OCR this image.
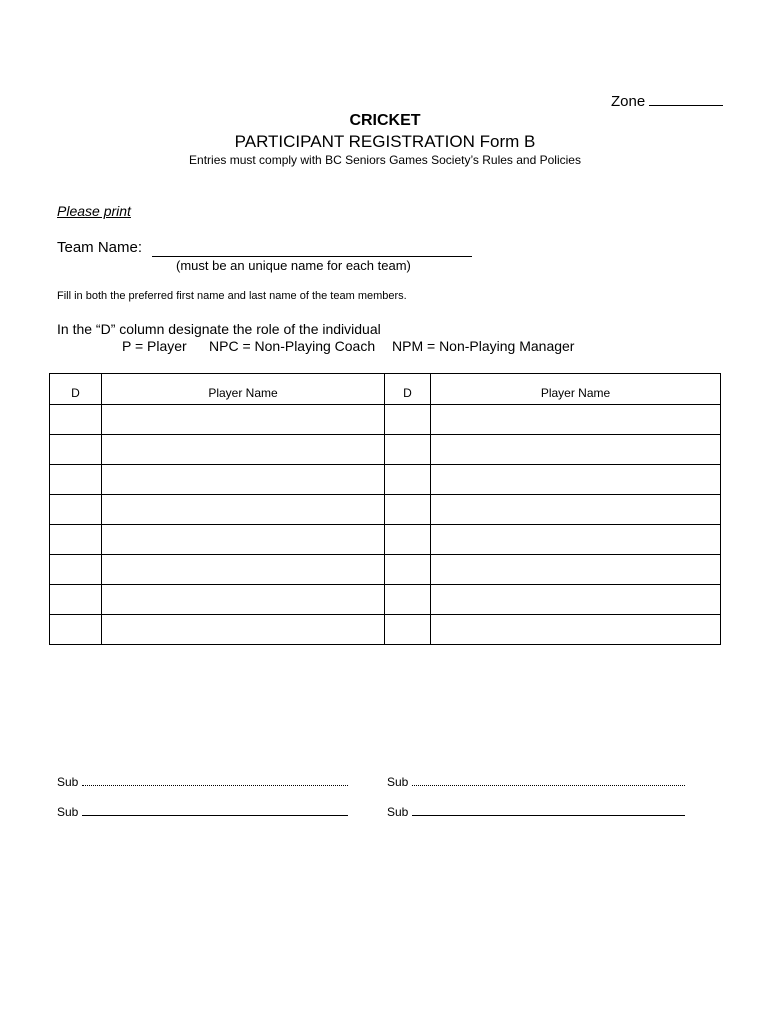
Zone
CRICKET
PARTICIPANT REGISTRATION Form B
Entries must comply with BC Seniors Games Society’s Rules and Policies
Please print
Team Name:
(must be an unique name for each team)
Fill in both the preferred first name and last name of the team members.
In the “D” column designate the role of the individual
P = Player NPC = Non-Playing Coach NPM = Non-Playing Manager
D	Player Name	D	Player Name

Sub	Sub
Sub	Sub
